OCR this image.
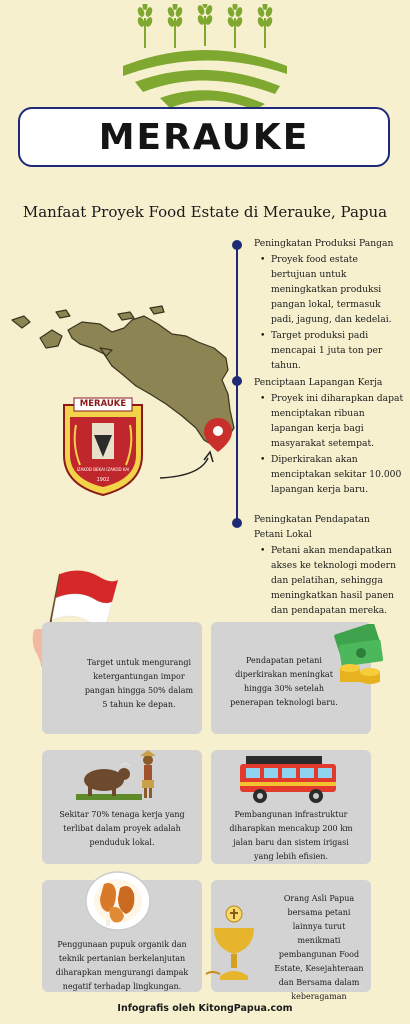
MERAUKE
Manfaat Proyek Food Estate di Merauke, Papua
MERAUKE
IZAKOD BEKAI IZAKOD KAI
1902
Peningkatan Produksi Pangan
• Proyek food estate bertujuan untuk meningkatkan produksi pangan lokal, termasuk padi, jagung, dan kedelai.
• Target produksi padi mencapai 1 juta ton per tahun.
Penciptaan Lapangan Kerja
• Proyek ini diharapkan dapat menciptakan ribuan lapangan kerja bagi masyarakat setempat.
• Diperkirakan akan menciptakan sekitar 10.000 lapangan kerja baru.
Peningkatan Pendapatan Petani Lokal
• Petani akan mendapatkan akses ke teknologi modern dan pelatihan, sehingga meningkatkan hasil panen dan pendapatan mereka.

Target untuk mengurangi ketergantungan impor pangan hingga 50% dalam 5 tahun ke depan.

Pendapatan petani diperkirakan meningkat hingga 30% setelah penerapan teknologi baru.

Sekitar 70% tenaga kerja yang terlibat dalam proyek adalah penduduk lokal.

Pembangunan infrastruktur diharapkan mencakup 200 km jalan baru dan sistem irigasi yang lebih efisien.

Penggunaan pupuk organik dan teknik pertanian berkelanjutan diharapkan mengurangi dampak negatif terhadap lingkungan.

Orang Asli Papua bersama petani lainnya turut menikmati pembangunan Food Estate, Kesejahteraan dan Bersama dalam keberagaman

Infografis oleh KitongPapua.com
